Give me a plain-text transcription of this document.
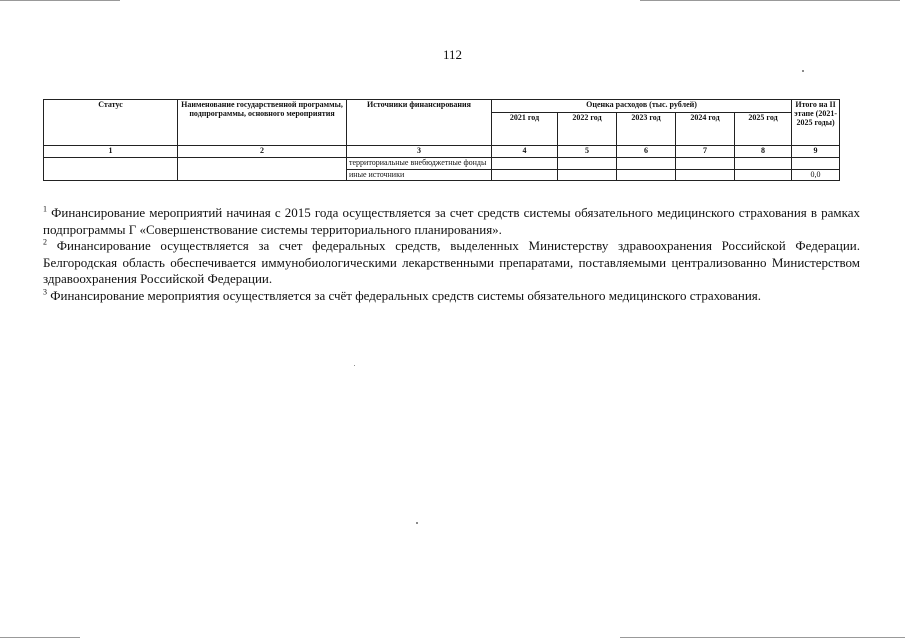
112
Статус	Наименование государственной программы, подпрограммы, основного мероприятия	Источники финансирования	Оценка расходов (тыс. рублей)					Итого на II этапе (2021-2025 годы)
			2021 год	2022 год	2023 год	2024 год	2025 год	
1	2	3	4	5	6	7	8	9
		территориальные внебюджетные фонды						
		иные источники						0,0

$^1$ Финансирование мероприятий начиная с 2015 года осуществляется за счет средств системы обязательного медицинского страхования в рамках подпрограммы Г «Совершенствование системы территориального планирования».

$^2$ Финансирование осуществляется за счет федеральных средств, выделенных Министерству здравоохранения Российской Федерации. Белгородская область обеспечивается иммунобиологическими лекарственными препаратами, поставляемыми централизованно Министерством здравоохранения Российской Федерации.

$^3$ Финансирование мероприятия осуществляется за счёт федеральных средств системы обязательного медицинского страхования.
